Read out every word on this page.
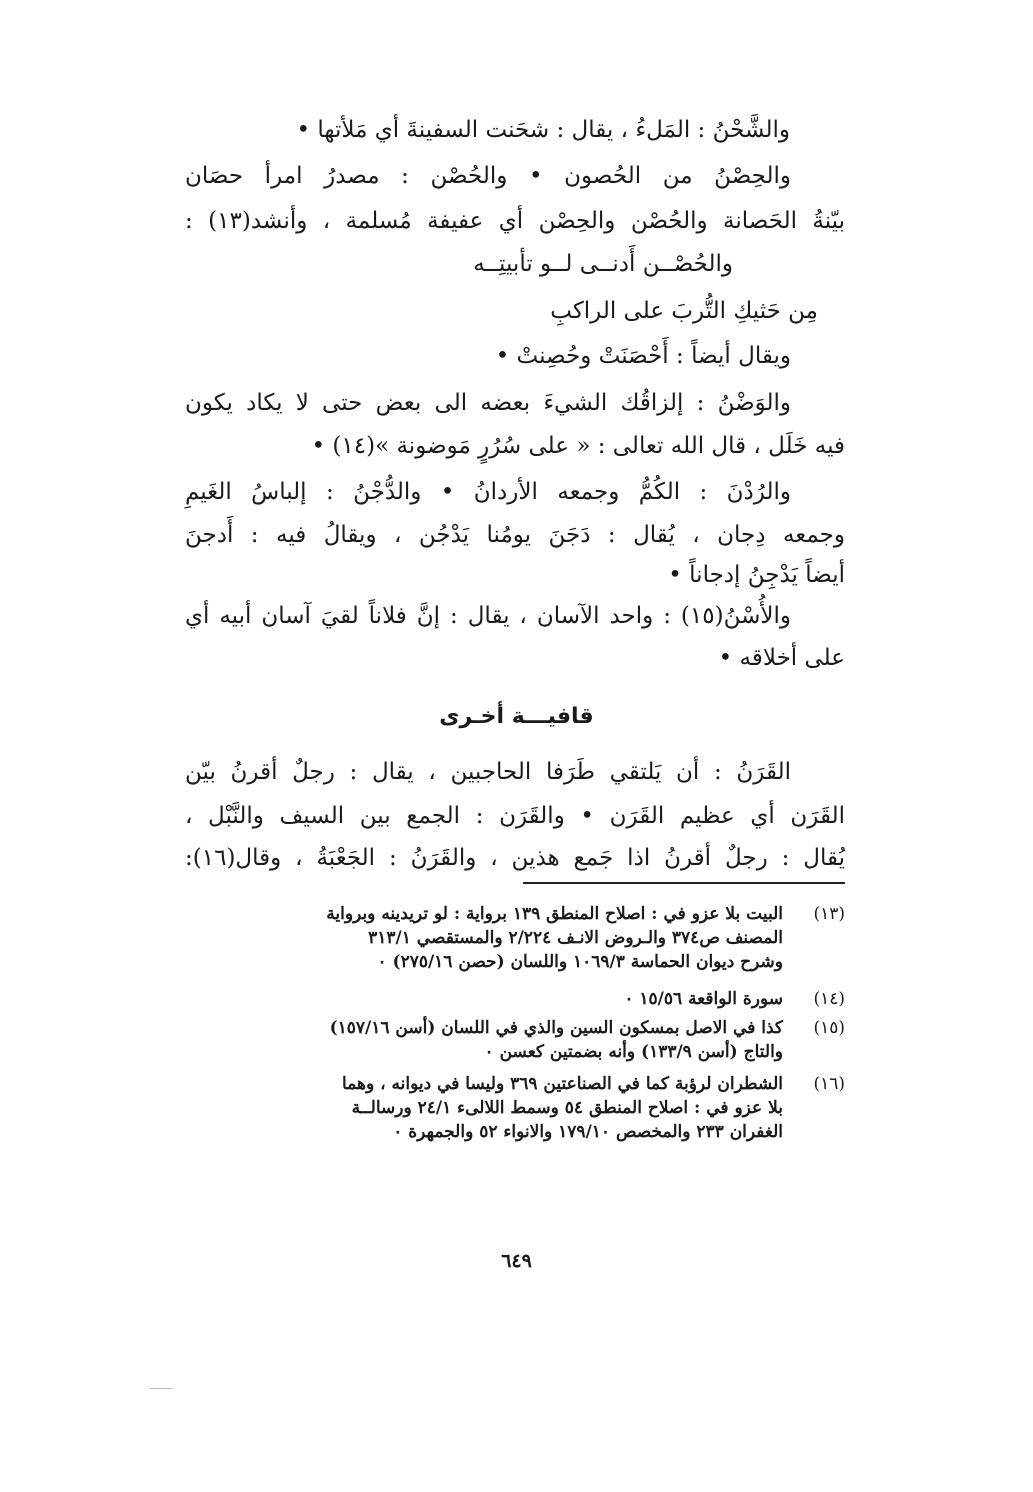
والشَّحْنُ : المَلءُ ، يقال : شحَنت السفينةَ أي مَلأتها •
والحِصْنُ من الحُصون • والحُصْن : مصدرُ امرأ حصَان
بيّنةُ الحَصانة والحُصْن والحِصْن أي عفيفة مُسلمة ، وأنشد(١٣) :
والحُصْــن أَدنــى لــو تأبيتِــه
مِن حَثيكِ التُّربَ على الراكبِ
ويقال أيضاً : أَحْصَنَتْ وحُصِنتْ •
والوَضْنُ : إلزاقُك الشيءَ بعضه الى بعض حتى لا يكاد يكون
فيه خَلَل ، قال الله تعالى : « على سُرُرٍ مَوضونة »(١٤) •
والرُدْنَ : الكُمُّ وجمعه الأردانُ • والدُّجْنُ : إلباسُ الغَيمِ
وجمعه دِجان ، يُقال : دَجَنَ يومُنا يَدْجُن ، ويقالُ فيه : أَدجنَ
أيضاً يَدْجِنُ إدجاناً •
والأُسْنُ(١٥) : واحد الآسان ، يقال : إنَّ فلاناً لقيَ آسان أبيه أي
على أخلاقه •
قافيـــة أخـرى
القَرَنُ : أن يَلتقي طَرَفا الحاجبين ، يقال : رجلٌ أقرنُ بيّن
القَرَن أي عظيم القَرَن • والقَرَن : الجمع بين السيف والنَّبْل ،
يُقال : رجلٌ أقرنُ اذا جَمع هذين ، والقَرَنُ : الجَعْبَةُ ، وقال(١٦):
(١٣)
البيت بلا عزو في : اصلاح المنطق ١٣٩ برواية : لو تريدينه وبرواية
المصنف ص٣٧٤ والـروض الانـف ٢/٢٢٤ والمستقصي ٣١٣/١
وشرح ديوان الحماسة ١٠٦٩/٣ واللسان (حصن ٢٧٥/١٦) ٠
(١٤)
سورة الواقعة ١٥/٥٦ ٠
(١٥)
كذا في الاصل بمسكون السين والذي في اللسان (أسن ١٥٧/١٦)
والتاج (أسن ١٣٣/٩) وأنه بضمتين كعسن ٠
(١٦)
الشطران لرؤبة كما في الصناعتين ٣٦٩ وليسا في ديوانه ، وهما
بلا عزو في : اصلاح المنطق ٥٤ وسمط اللالىء ٢٤/١ ورسالــة
الغفران ٢٣٣ والمخصص ١٧٩/١٠ والانواء ٥٢ والجمهرة ٠
٦٤٩
